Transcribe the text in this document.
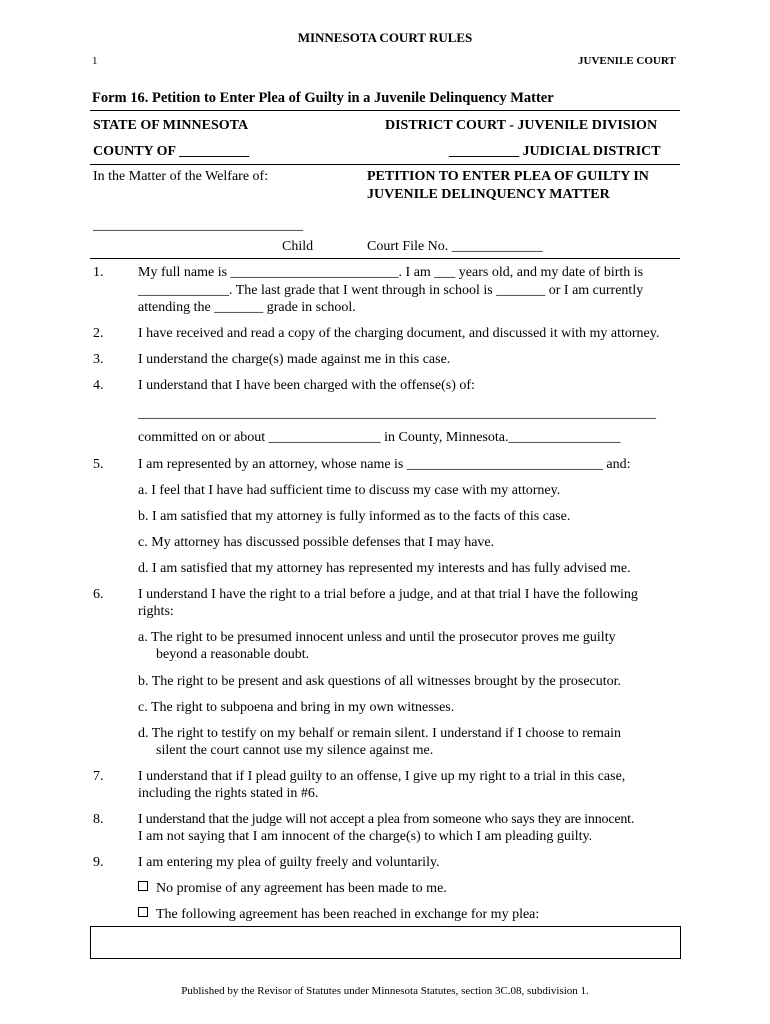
MINNESOTA COURT RULES
1	JUVENILE COURT
Form 16. Petition to Enter Plea of Guilty in a Juvenile Delinquency Matter
STATE OF MINNESOTA	DISTRICT COURT - JUVENILE DIVISION
COUNTY OF __________	__________ JUDICIAL DISTRICT
In the Matter of the Welfare of:	PETITION TO ENTER PLEA OF GUILTY IN
JUVENILE DELINQUENCY MATTER
______________________________
Child	Court File No. _____________
1. My full name is ________________________. I am ___ years old, and my date of birth is
_____________. The last grade that I went through in school is _______ or I am currently
attending the _______ grade in school.
2. I have received and read a copy of the charging document, and discussed it with my attorney.
3. I understand the charge(s) made against me in this case.
4. I understand that I have been charged with the offense(s) of:
__________________________________________________________________________
committed on or about ________________ in County, Minnesota.________________
5. I am represented by an attorney, whose name is ____________________________ and:
a. I feel that I have had sufficient time to discuss my case with my attorney.
b. I am satisfied that my attorney is fully informed as to the facts of this case.
c. My attorney has discussed possible defenses that I may have.
d. I am satisfied that my attorney has represented my interests and has fully advised me.
6. I understand I have the right to a trial before a judge, and at that trial I have the following
rights:
a. The right to be presumed innocent unless and until the prosecutor proves me guilty
beyond a reasonable doubt.
b. The right to be present and ask questions of all witnesses brought by the prosecutor.
c. The right to subpoena and bring in my own witnesses.
d. The right to testify on my behalf or remain silent. I understand if I choose to remain
silent the court cannot use my silence against me.
7. I understand that if I plead guilty to an offense, I give up my right to a trial in this case,
including the rights stated in #6.
8. I understand that the judge will not accept a plea from someone who says they are innocent.
I am not saying that I am innocent of the charge(s) to which I am pleading guilty.
9. I am entering my plea of guilty freely and voluntarily.
No promise of any agreement has been made to me.
The following agreement has been reached in exchange for my plea:
Published by the Revisor of Statutes under Minnesota Statutes, section 3C.08, subdivision 1.
